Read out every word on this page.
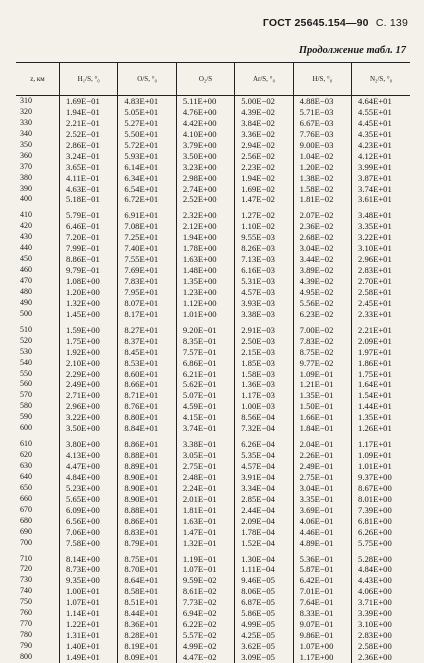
ГОСТ 25645.154—90 С. 139
Продолжение табл. 17
z, км	H₁/S, °₀	O/S, °₀	O₂/S	Ar/S, °₀	H/S, °₀	N₂/S, °₀
310	1.69E−01	4.83E+01	5.11E+00	5.00E−02	4.88E−03	4.64E+01
320	1.94E−01	5.05E+01	4.76E+00	4.39E−02	5.71E−03	4.55E+01
330	2.21E−01	5.27E+01	4.42E+00	3.84E−02	6.67E−03	4.45E+01
340	2.52E−01	5.50E+01	4.10E+00	3.36E−02	7.76E−03	4.35E+01
350	2.86E−01	5.72E+01	3.79E+00	2.94E−02	9.00E−03	4.23E+01
360	3.24E−01	5.93E+01	3.50E+00	2.56E−02	1.04E−02	4.12E+01
370	3.65E−01	6.14E+01	3.23E+00	2.23E−02	1.20E−02	3.99E+01
380	4.11E−01	6.34E+01	2.98E+00	1.94E−02	1.38E−02	3.87E+01
390	4.63E−01	6.54E+01	2.74E+00	1.69E−02	1.58E−02	3.74E+01
400	5.18E−01	6.72E+01	2.52E+00	1.47E−02	1.81E−02	3.61E+01

410	5.79E−01	6.91E+01	2.32E+00	1.27E−02	2.07E−02	3.48E+01
420	6.46E−01	7.08E+01	2.12E+00	1.10E−02	2.36E−02	3.35E+01
430	7.20E−01	7.25E+01	1.94E+00	9.55E−03	2.68E−02	3.22E+01
440	7.99E−01	7.40E+01	1.78E+00	8.26E−03	3.04E−02	3.10E+01
450	8.86E−01	7.55E+01	1.63E+00	7.13E−03	3.44E−02	2.96E+01
460	9.79E−01	7.69E+01	1.48E+00	6.16E−03	3.89E−02	2.83E+01
470	1.08E+00	7.83E+01	1.35E+00	5.31E−03	4.39E−02	2.70E+01
480	1.20E+00	7.95E+01	1.23E+00	4.57E−03	4.95E−02	2.58E+01
490	1.32E+00	8.07E+01	1.12E+00	3.93E−03	5.56E−02	2.45E+01
500	1.45E+00	8.17E+01	1.01E+00	3.38E−03	6.23E−02	2.33E+01

510	1.59E+00	8.27E+01	9.20E−01	2.91E−03	7.00E−02	2.21E+01
520	1.75E+00	8.37E+01	8.35E−01	2.50E−03	7.83E−02	2.09E+01
530	1.92E+00	8.45E+01	7.57E−01	2.15E−03	8.75E−02	1.97E+01
540	2.10E+00	8.53E+01	6.86E−01	1.85E−03	9.77E−02	1.86E+01
550	2.29E+00	8.60E+01	6.21E−01	1.58E−03	1.09E−01	1.75E+01
560	2.49E+00	8.66E+01	5.62E−01	1.36E−03	1.21E−01	1.64E+01
570	2.71E+00	8.71E+01	5.07E−01	1.17E−03	1.35E−01	1.54E+01
580	2.96E+00	8.76E+01	4.59E−01	1.00E−03	1.50E−01	1.44E+01
590	3.22E+00	8.80E+01	4.15E−01	8.56E−04	1.66E−01	1.35E+01
600	3.50E+00	8.84E+01	3.74E−01	7.32E−04	1.84E−01	1.26E+01

610	3.80E+00	8.86E+01	3.38E−01	6.26E−04	2.04E−01	1.17E+01
620	4.13E+00	8.88E+01	3.05E−01	5.35E−04	2.26E−01	1.09E+01
630	4.47E+00	8.89E+01	2.75E−01	4.57E−04	2.49E−01	1.01E+01
640	4.84E+00	8.90E+01	2.48E−01	3.91E−04	2.75E−01	9.37E+00
650	5.23E+00	8.90E+01	2.24E−01	3.34E−04	3.04E−01	8.67E+00
660	5.65E+00	8.90E+01	2.01E−01	2.85E−04	3.35E−01	8.01E+00
670	6.09E+00	8.88E+01	1.81E−01	2.44E−04	3.69E−01	7.39E+00
680	6.56E+00	8.86E+01	1.63E−01	2.09E−04	4.06E−01	6.81E+00
690	7.06E+00	8.83E+01	1.47E−01	1.78E−04	4.46E−01	6.26E+00
700	7.58E+00	8.79E+01	1.32E−01	1.52E−04	4.89E−01	5.75E+00

710	8.14E+00	8.75E+01	1.19E−01	1.30E−04	5.36E−01	5.28E+00
720	8.73E+00	8.70E+01	1.07E−01	1.11E−04	5.87E−01	4.84E+00
730	9.35E+00	8.64E+01	9.59E−02	9.46E−05	6.42E−01	4.43E+00
740	1.00E+01	8.58E+01	8.61E−02	8.06E−05	7.01E−01	4.06E+00
750	1.07E+01	8.51E+01	7.73E−02	6.87E−05	7.64E−01	3.71E+00
760	1.14E+01	8.44E+01	6.94E−02	5.86E−05	8.33E−01	3.39E+00
770	1.22E+01	8.36E+01	6.22E−02	4.99E−05	9.07E−01	3.10E+00
780	1.31E+01	8.28E+01	5.57E−02	4.25E−05	9.86E−01	2.83E+00
790	1.40E+01	8.19E+01	4.99E−02	3.62E−05	1.07E+00	2.58E+00
800	1.49E+01	8.09E+01	4.47E−02	3.09E−05	1.17E+00	2.36E+00
